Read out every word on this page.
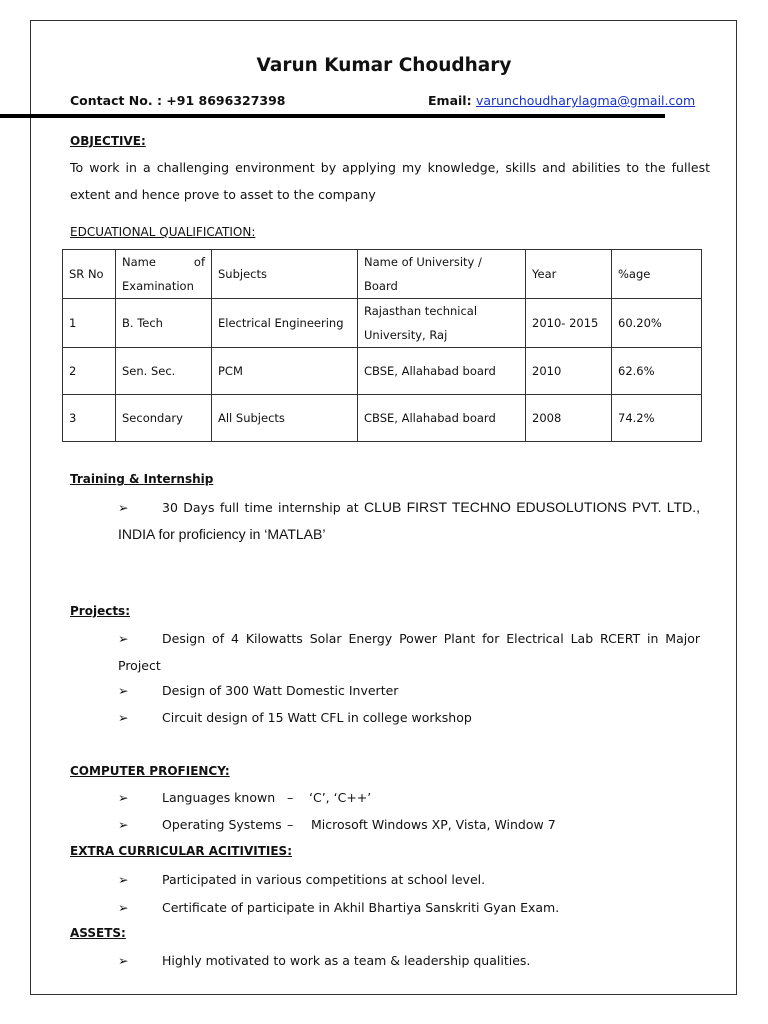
Varun Kumar Choudhary
Contact No. : +91 8696327398	Email: varunchoudharylagma@gmail.com
OBJECTIVE:
To work in a challenging environment by applying my knowledge, skills and abilities to the fullest extent and hence prove to asset to the company
EDCUATIONAL QUALIFICATION:
SR No	Name of Examination	Subjects	Name of University / Board	Year	%age
1	B. Tech	Electrical Engineering	Rajasthan technical University, Raj	2010- 2015	60.20%
2	Sen. Sec.	PCM	CBSE, Allahabad board	2010	62.6%
3	Secondary	All Subjects	CBSE, Allahabad board	2008	74.2%
Training & Internship
➢	30 Days full time internship at CLUB FIRST TECHNO EDUSOLUTIONS PVT. LTD., INDIA for proficiency in ‘MATLAB’
Projects:
➢	Design of 4 Kilowatts Solar Energy Power Plant for Electrical Lab RCERT in Major Project
➢	Design of 300 Watt Domestic Inverter
➢	Circuit design of 15 Watt CFL in college workshop
COMPUTER PROFIENCY:
➢	Languages known – ‘C’, ‘C++’
➢	Operating Systems – Microsoft Windows XP, Vista, Window 7
EXTRA CURRICULAR ACITIVITIES:
➢	Participated in various competitions at school level.
➢	Certificate of participate in Akhil Bhartiya Sanskriti Gyan Exam.
ASSETS:
➢	Highly motivated to work as a team & leadership qualities.
